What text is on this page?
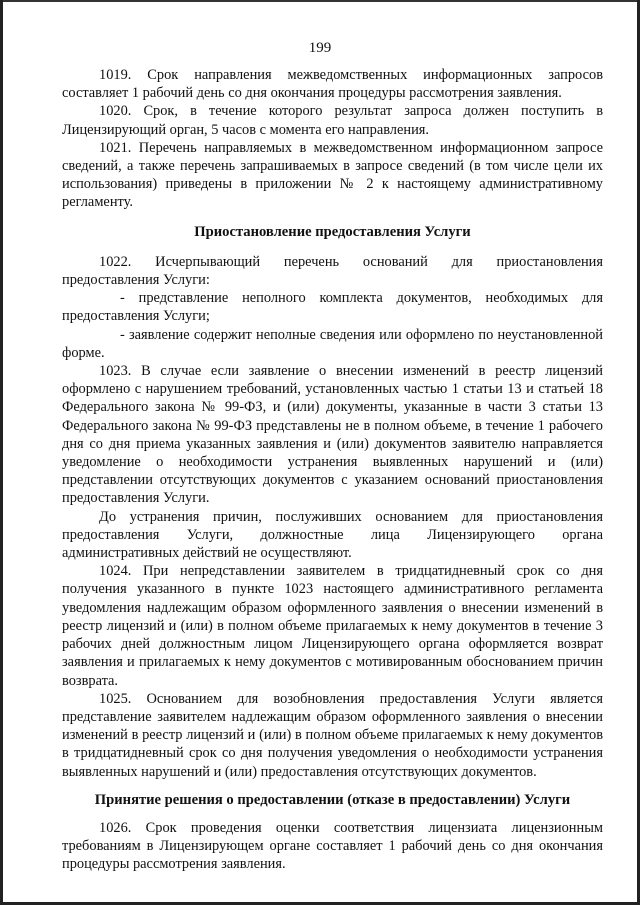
199

1019. Срок направления межведомственных информационных запросов составляет 1 рабочий день со дня окончания процедуры рассмотрения заявления.

1020. Срок, в течение которого результат запроса должен поступить в Лицензирующий орган, 5 часов с момента его направления.

1021. Перечень направляемых в межведомственном информационном запросе сведений, а также перечень запрашиваемых в запросе сведений (в том числе цели их использования) приведены в приложении № 2 к настоящему административному регламенту.

Приостановление предоставления Услуги

1022. Исчерпывающий перечень оснований для приостановления предоставления Услуги:

- представление неполного комплекта документов, необходимых для предоставления Услуги;

- заявление содержит неполные сведения или оформлено по неустановленной форме.

1023. В случае если заявление о внесении изменений в реестр лицензий оформлено с нарушением требований, установленных частью 1 статьи 13 и статьей 18 Федерального закона № 99-ФЗ, и (или) документы, указанные в части 3 статьи 13 Федерального закона № 99-ФЗ представлены не в полном объеме, в течение 1 рабочего дня со дня приема указанных заявления и (или) документов заявителю направляется уведомление о необходимости устранения выявленных нарушений и (или) представлении отсутствующих документов с указанием оснований приостановления предоставления Услуги.

До устранения причин, послуживших основанием для приостановления предоставления Услуги, должностные лица Лицензирующего органа административных действий не осуществляют.

1024. При непредставлении заявителем в тридцатидневный срок со дня получения указанного в пункте 1023 настоящего административного регламента уведомления надлежащим образом оформленного заявления о внесении изменений в реестр лицензий и (или) в полном объеме прилагаемых к нему документов в течение 3 рабочих дней должностным лицом Лицензирующего органа оформляется возврат заявления и прилагаемых к нему документов с мотивированным обоснованием причин возврата.

1025. Основанием для возобновления предоставления Услуги является представление заявителем надлежащим образом оформленного заявления о внесении изменений в реестр лицензий и (или) в полном объеме прилагаемых к нему документов в тридцатидневный срок со дня получения уведомления о необходимости устранения выявленных нарушений и (или) предоставления отсутствующих документов.

Принятие решения о предоставлении (отказе в предоставлении) Услуги

1026. Срок проведения оценки соответствия лицензиата лицензионным требованиям в Лицензирующем органе составляет 1 рабочий день со дня окончания процедуры рассмотрения заявления.
